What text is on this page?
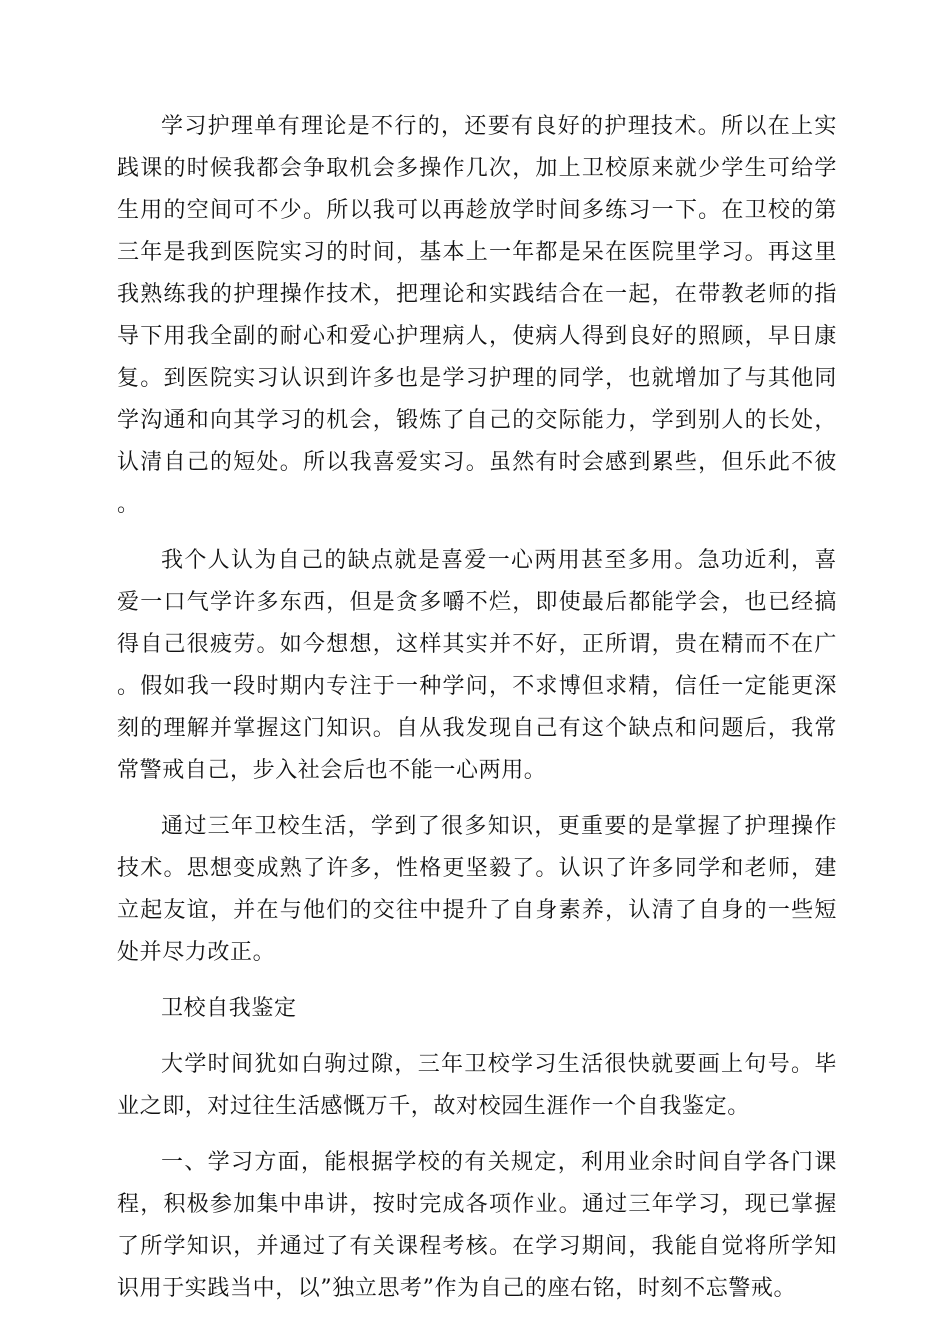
学习护理单有理论是不行的，还要有良好的护理技术。所以在上实践课的时候我都会争取机会多操作几次，加上卫校原来就少学生可给学生用的空间可不少。所以我可以再趁放学时间多练习一下。在卫校的第三年是我到医院实习的时间，基本上一年都是呆在医院里学习。再这里我熟练我的护理操作技术，把理论和实践结合在一起，在带教老师的指导下用我全副的耐心和爱心护理病人，使病人得到良好的照顾，早日康复。到医院实习认识到许多也是学习护理的同学，也就增加了与其他同学沟通和向其学习的机会，锻炼了自己的交际能力，学到别人的长处，认清自己的短处。所以我喜爱实习。虽然有时会感到累些，但乐此不彼。

我个人认为自己的缺点就是喜爱一心两用甚至多用。急功近利，喜爱一口气学许多东西，但是贪多嚼不烂，即使最后都能学会，也已经搞得自己很疲劳。如今想想，这样其实并不好，正所谓，贵在精而不在广。假如我一段时期内专注于一种学问，不求博但求精，信任一定能更深刻的理解并掌握这门知识。自从我发现自己有这个缺点和问题后，我常常警戒自己，步入社会后也不能一心两用。

通过三年卫校生活，学到了很多知识，更重要的是掌握了护理操作技术。思想变成熟了许多，性格更坚毅了。认识了许多同学和老师，建立起友谊，并在与他们的交往中提升了自身素养，认清了自身的一些短处并尽力改正。

卫校自我鉴定

大学时间犹如白驹过隙，三年卫校学习生活很快就要画上句号。毕业之即，对过往生活感慨万千，故对校园生涯作一个自我鉴定。

一、学习方面，能根据学校的有关规定，利用业余时间自学各门课程，积极参加集中串讲，按时完成各项作业。通过三年学习，现已掌握了所学知识，并通过了有关课程考核。在学习期间，我能自觉将所学知识用于实践当中，以”独立思考”作为自己的座右铭，时刻不忘警戒。
